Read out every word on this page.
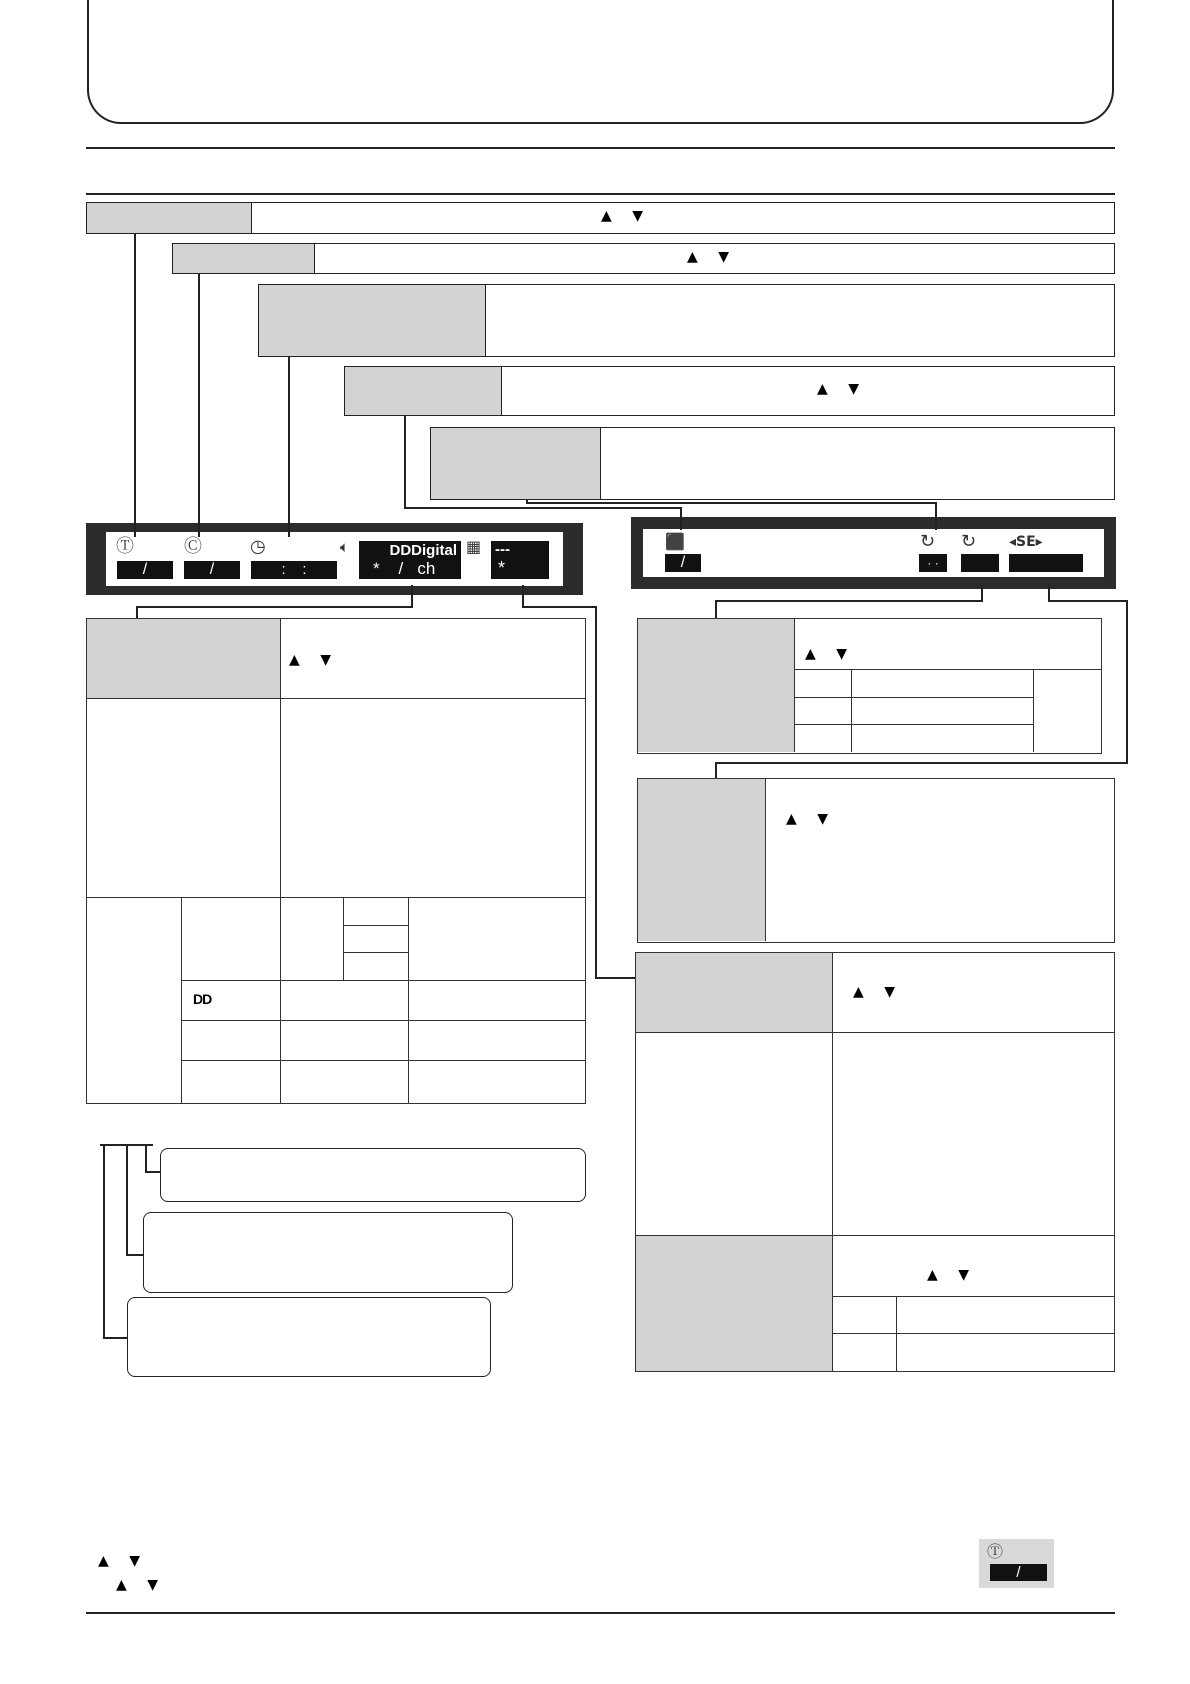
▲ ▼
▲ ▼
▲ ▼
Ⓣ
/
Ⓒ
/
◷
:    :
🔈︎	DDDigital
*    /   ch
▦ ---
*
⬛
/
↻ ↻
· ·
◂SE▸
▲ ▼
DD
▲ ▼
▲ ▼
▲ ▼
▲ ▼
▲ ▼
▲ ▼
Ⓣ
/
